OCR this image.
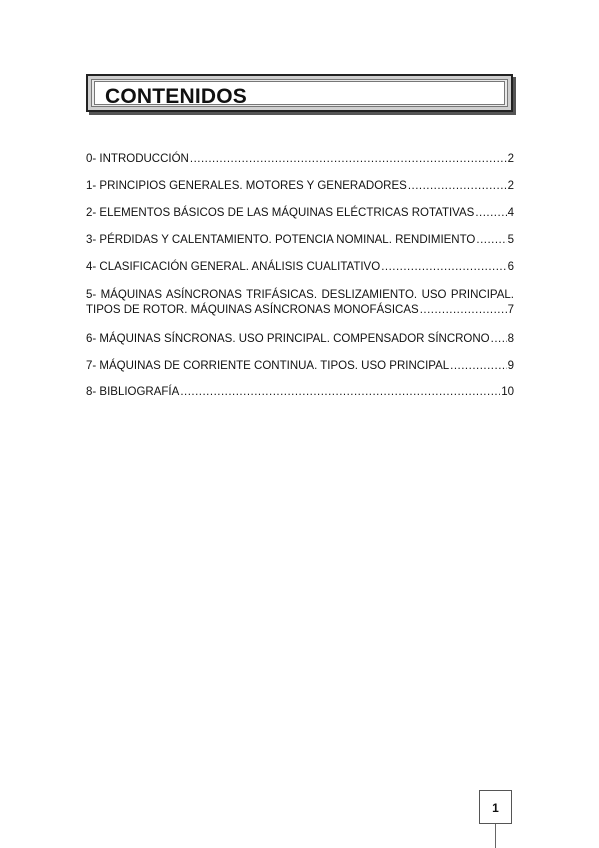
CONTENIDOS
0- INTRODUCCIÓN .....	2
1- PRINCIPIOS GENERALES. MOTORES Y GENERADORES .....	2
2- ELEMENTOS BÁSICOS DE LAS MÁQUINAS ELÉCTRICAS ROTATIVAS .....	4
3- PÉRDIDAS Y CALENTAMIENTO. POTENCIA NOMINAL. RENDIMIENTO .....	5
4- CLASIFICACIÓN GENERAL. ANÁLISIS CUALITATIVO .....	6
5- MÁQUINAS ASÍNCRONAS TRIFÁSICAS. DESLIZAMIENTO. USO PRINCIPAL.
TIPOS DE ROTOR. MÁQUINAS ASÍNCRONAS MONOFÁSICAS .....	7
6- MÁQUINAS SÍNCRONAS. USO PRINCIPAL. COMPENSADOR SÍNCRONO ..... 8
7- MÁQUINAS DE CORRIENTE CONTINUA. TIPOS. USO PRINCIPAL .....	9
8- BIBLIOGRAFÍA .....	10
1
